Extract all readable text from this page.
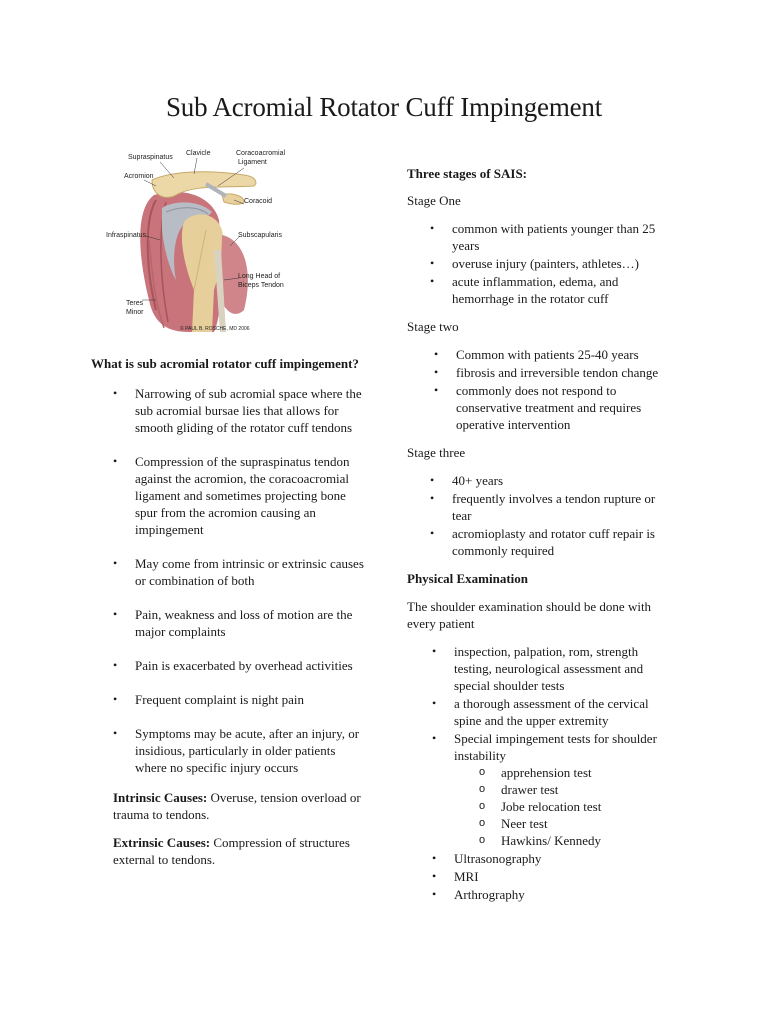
Sub Acromial Rotator Cuff Impingement
Supraspinatus
Clavicle	Coracoacromial
Ligament
Acromion
Coracoid
Infraspinatus	Subscapularis
Long Head of
Biceps Tendon
Teres
Minor
© PAUL B. ROSCHE, MD 2006
What is sub acromial rotator cuff impingement?
• Narrowing of sub acromial space where the sub acromial bursae lies that allows for smooth gliding of the rotator cuff tendons
• Compression of the supraspinatus tendon against the acromion, the coracoacromial ligament and sometimes projecting bone spur from the acromion causing an impingement
• May come from intrinsic or extrinsic causes or combination of both
• Pain, weakness and loss of motion are the major complaints
• Pain is exacerbated by overhead activities
• Frequent complaint is night pain
• Symptoms may be acute, after an injury, or insidious, particularly in older patients where no specific injury occurs
Intrinsic Causes: Overuse, tension overload or trauma to tendons.
Extrinsic Causes: Compression of structures external to tendons.
Three stages of SAIS:
Stage One
• common with patients younger than 25 years
• overuse injury (painters, athletes…)
• acute inflammation, edema, and hemorrhage in the rotator cuff
Stage two
• Common with patients 25-40 years
• fibrosis and irreversible tendon change
• commonly does not respond to conservative treatment and requires operative intervention
Stage three
• 40+ years
• frequently involves a tendon rupture or tear
• acromioplasty and rotator cuff repair is commonly required
Physical Examination

The shoulder examination should be done with every patient

• inspection, palpation, rom, strength testing, neurological assessment and special shoulder tests
• a thorough assessment of the cervical spine and the upper extremity
• Special impingement tests for shoulder instability
o apprehension test
o drawer test
o Jobe relocation test
o Neer test
o Hawkins/ Kennedy
• Ultrasonography
• MRI
• Arthrography
